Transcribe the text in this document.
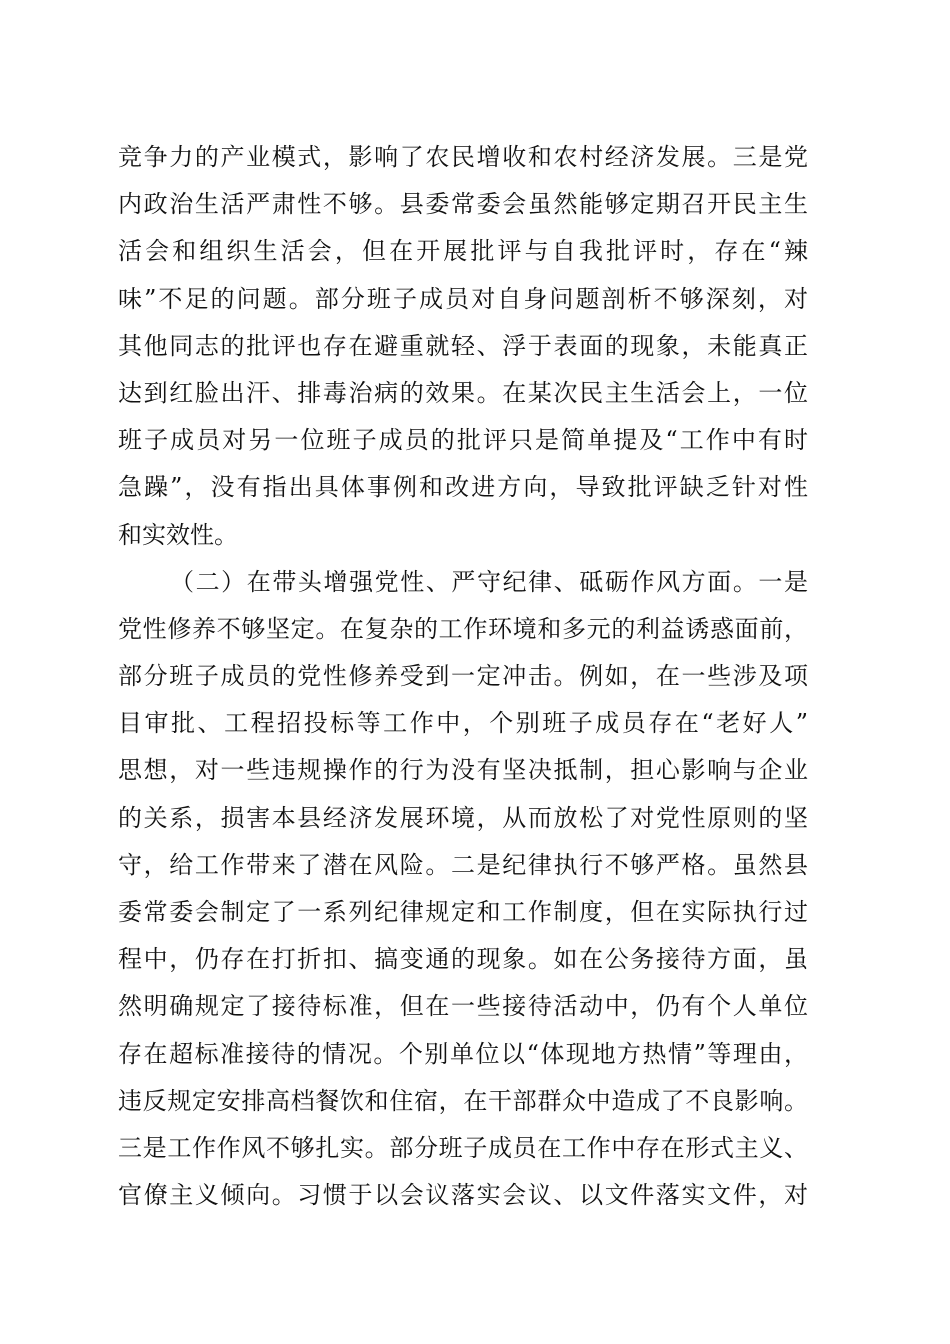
竞争力的产业模式，影响了农民增收和农村经济发展。三是党
内政治生活严肃性不够。县委常委会虽然能够定期召开民主生
活会和组织生活会，但在开展批评与自我批评时，存在“辣
味”不足的问题。部分班子成员对自身问题剖析不够深刻，对
其他同志的批评也存在避重就轻、浮于表面的现象，未能真正
达到红脸出汗、排毒治病的效果。在某次民主生活会上，一位
班子成员对另一位班子成员的批评只是简单提及“工作中有时
急躁”，没有指出具体事例和改进方向，导致批评缺乏针对性
和实效性。
（二）在带头增强党性、严守纪律、砥砺作风方面。一是
党性修养不够坚定。在复杂的工作环境和多元的利益诱惑面前，
部分班子成员的党性修养受到一定冲击。例如，在一些涉及项
目审批、工程招投标等工作中，个别班子成员存在“老好人”
思想，对一些违规操作的行为没有坚决抵制，担心影响与企业
的关系，损害本县经济发展环境，从而放松了对党性原则的坚
守，给工作带来了潜在风险。二是纪律执行不够严格。虽然县
委常委会制定了一系列纪律规定和工作制度，但在实际执行过
程中，仍存在打折扣、搞变通的现象。如在公务接待方面，虽
然明确规定了接待标准，但在一些接待活动中，仍有个人单位
存在超标准接待的情况。个别单位以“体现地方热情”等理由，
违反规定安排高档餐饮和住宿，在干部群众中造成了不良影响。
三是工作作风不够扎实。部分班子成员在工作中存在形式主义、
官僚主义倾向。习惯于以会议落实会议、以文件落实文件，对
